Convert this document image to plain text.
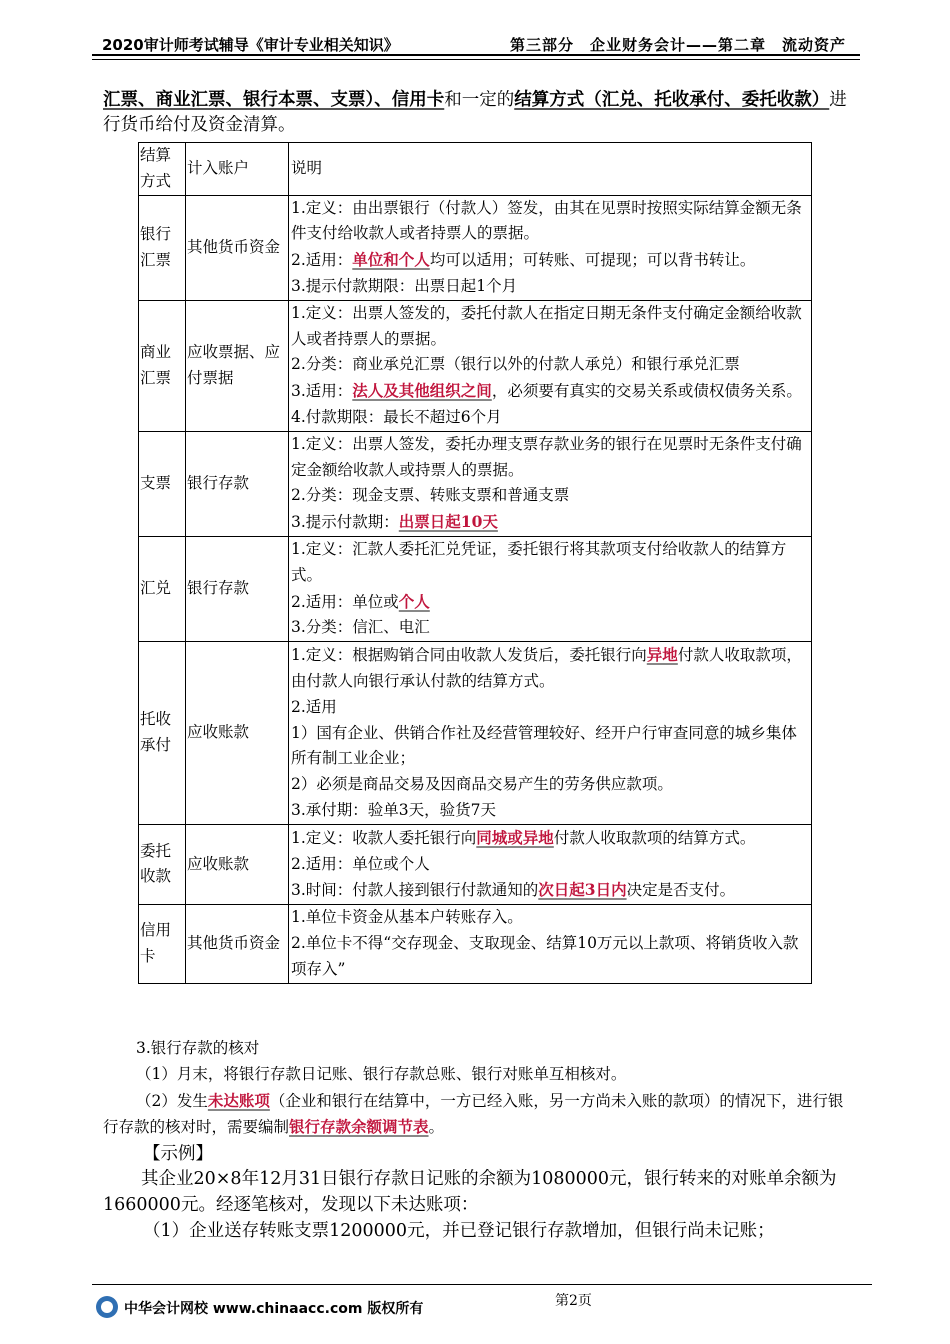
2020审计师考试辅导《审计专业相关知识》	第三部分　企业财务会计——第二章　流动资产
汇票、商业汇票、银行本票、支票）、信用卡和一定的结算方式（汇兑、托收承付、委托收款）进行货币给付及资金清算。
结算方式	计入账户	说明
银行汇票	其他货币资金	1.定义：由出票银行（付款人）签发，由其在见票时按照实际结算金额无条件支付给收款人或者持票人的票据。
2.适用：单位和个人均可以适用；可转账、可提现；可以背书转让。
3.提示付款期限：出票日起1个月

商业汇票	应收票据、应付票据	1.定义：出票人签发的，委托付款人在指定日期无条件支付确定金额给收款人或者持票人的票据。
2.分类：商业承兑汇票（银行以外的付款人承兑）和银行承兑汇票
3.适用：法人及其他组织之间，必须要有真实的交易关系或债权债务关系。
4.付款期限：最长不超过6个月

支票	银行存款	1.定义：出票人签发，委托办理支票存款业务的银行在见票时无条件支付确定金额给收款人或持票人的票据。
2.分类：现金支票、转账支票和普通支票
3.提示付款期：出票日起10天

汇兑	银行存款	1.定义：汇款人委托汇兑凭证，委托银行将其款项支付给收款人的结算方式。
2.适用：单位或个人
3.分类：信汇、电汇

托收承付	应收账款	1.定义：根据购销合同由收款人发货后，委托银行向异地付款人收取款项，由付款人向银行承认付款的结算方式。
2.适用
1）国有企业、供销合作社及经营管理较好、经开户行审查同意的城乡集体所有制工业企业；
2）必须是商品交易及因商品交易产生的劳务供应款项。
3.承付期：验单3天，验货7天

委托收款	应收账款	1.定义：收款人委托银行向同城或异地付款人收取款项的结算方式。
2.适用：单位或个人
3.时间：付款人接到银行付款通知的次日起3日内决定是否支付。

信用卡	其他货币资金	1.单位卡资金从基本户转账存入。
2.单位卡不得“交存现金、支取现金、结算10万元以上款项、将销货收入款项存入”
3.银行存款的核对
（1）月末，将银行存款日记账、银行存款总账、银行对账单互相核对。
（2）发生未达账项（企业和银行在结算中，一方已经入账，另一方尚未入账的款项）的情况下，进行银行存款的核对时，需要编制银行存款余额调节表。
【示例】
其企业20×8年12月31日银行存款日记账的余额为1080000元，银行转来的对账单余额为1660000元。经逐笔核对，发现以下未达账项：
（1）企业送存转账支票1200000元，并已登记银行存款增加，但银行尚未记账；
第2页
中华会计网校 www.chinaacc.com 版权所有
